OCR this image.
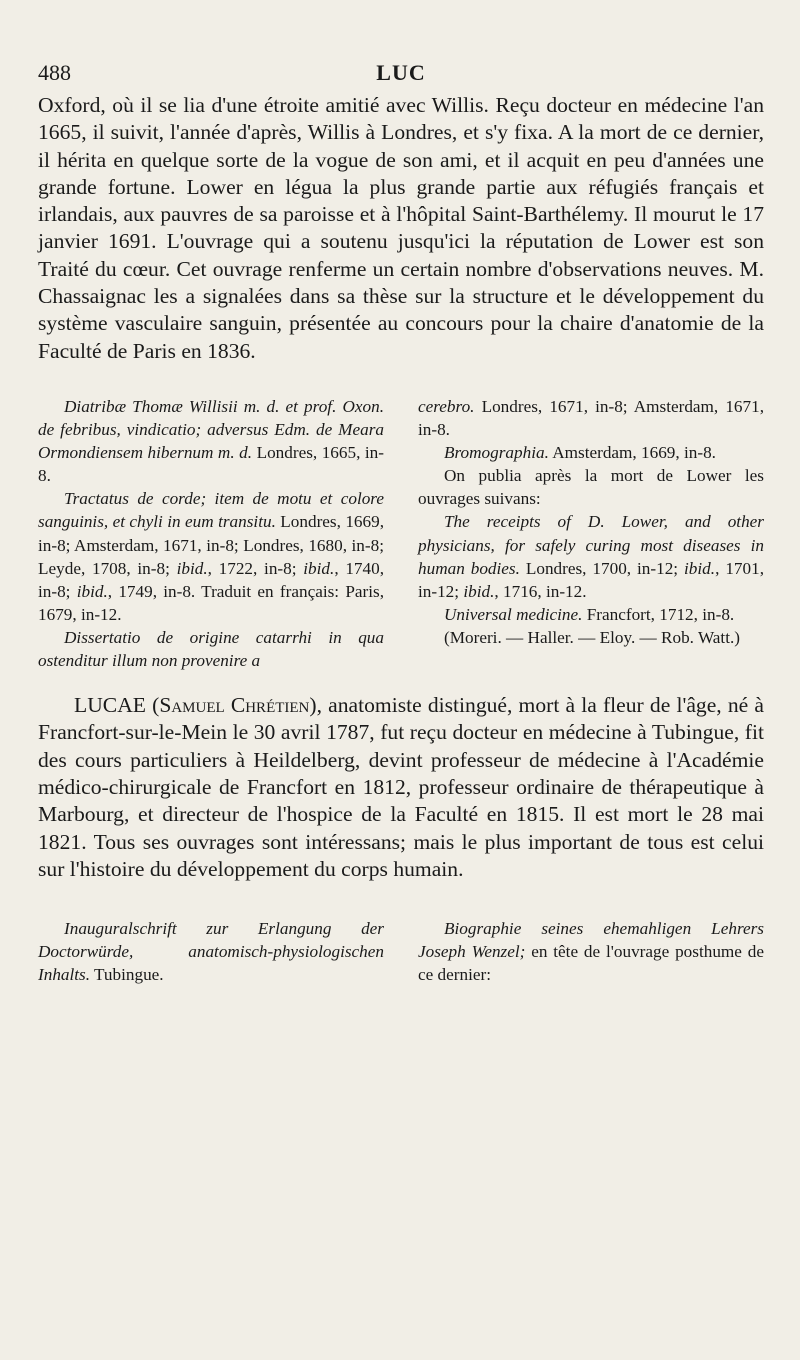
488	LUC

Oxford, où il se lia d'une étroite amitié avec Willis. Reçu docteur en médecine l'an 1665, il suivit, l'année d'après, Willis à Londres, et s'y fixa. A la mort de ce dernier, il hérita en quelque sorte de la vogue de son ami, et il acquit en peu d'années une grande fortune. Lower en légua la plus grande partie aux réfugiés français et irlandais, aux pauvres de sa paroisse et à l'hôpital Saint-Barthélemy. Il mourut le 17 janvier 1691. L'ouvrage qui a soutenu jusqu'ici la réputation de Lower est son Traité du cœur. Cet ouvrage renferme un certain nombre d'observations neuves. M. Chassaignac les a signalées dans sa thèse sur la structure et le développement du système vasculaire sanguin, présentée au concours pour la chaire d'anatomie de la Faculté de Paris en 1836.

Diatribæ Thomæ Willisii m. d. et prof. Oxon. de febribus, vindicatio; adversus Edm. de Meara Ormondiensem hibernum m. d. Londres, 1665, in-8.

Tractatus de corde; item de motu et colore sanguinis, et chyli in eum transitu. Londres, 1669, in-8; Amsterdam, 1671, in-8; Londres, 1680, in-8; Leyde, 1708, in-8; ibid., 1722, in-8; ibid., 1740, in-8; ibid., 1749, in-8. Traduit en français: Paris, 1679, in-12.

Dissertatio de origine catarrhi in qua ostenditur illum non provenire a

cerebro. Londres, 1671, in-8; Amsterdam, 1671, in-8.

Bromographia. Amsterdam, 1669, in-8.

On publia après la mort de Lower les ouvrages suivans:

The receipts of D. Lower, and other physicians, for safely curing most diseases in human bodies. Londres, 1700, in-12; ibid., 1701, in-12; ibid., 1716, in-12.

Universal medicine. Francfort, 1712, in-8.

(Moreri. — Haller. — Eloy. — Rob. Watt.)

LUCAE (Samuel Chrétien), anatomiste distingué, mort à la fleur de l'âge, né à Francfort-sur-le-Mein le 30 avril 1787, fut reçu docteur en médecine à Tubingue, fit des cours particuliers à Heildelberg, devint professeur de médecine à l'Académie médico-chirurgicale de Francfort en 1812, professeur ordinaire de thérapeutique à Marbourg, et directeur de l'hospice de la Faculté en 1815. Il est mort le 28 mai 1821. Tous ses ouvrages sont intéressans; mais le plus important de tous est celui sur l'histoire du développement du corps humain.

Inauguralschrift zur Erlangung der Doctorwürde, anatomisch-physiologischen Inhalts. Tubingue.

Biographie seines ehemahligen Lehrers Joseph Wenzel; en tête de l'ouvrage posthume de ce dernier:
